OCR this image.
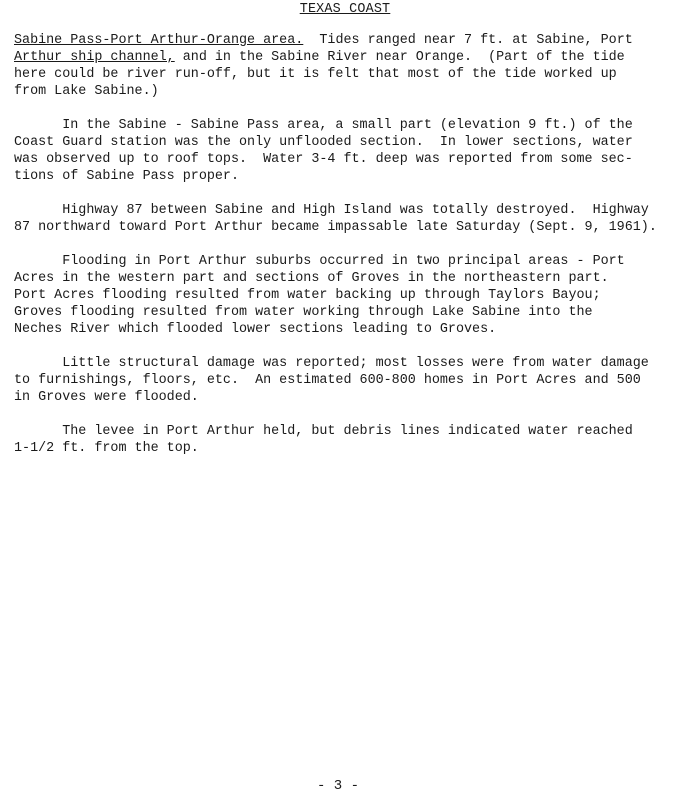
TEXAS COAST

Sabine Pass-Port Arthur-Orange area.  Tides ranged near 7 ft. at Sabine, Port
Arthur ship channel, and in the Sabine River near Orange.  (Part of the tide
here could be river run-off, but it is felt that most of the tide worked up
from Lake Sabine.)

In the Sabine - Sabine Pass area, a small part (elevation 9 ft.) of the
Coast Guard station was the only unflooded section.  In lower sections, water
was observed up to roof tops.  Water 3-4 ft. deep was reported from some sec-
tions of Sabine Pass proper.

Highway 87 between Sabine and High Island was totally destroyed.  Highway
87 northward toward Port Arthur became impassable late Saturday (Sept. 9, 1961).

Flooding in Port Arthur suburbs occurred in two principal areas - Port
Acres in the western part and sections of Groves in the northeastern part.
Port Acres flooding resulted from water backing up through Taylors Bayou;
Groves flooding resulted from water working through Lake Sabine into the
Neches River which flooded lower sections leading to Groves.

Little structural damage was reported; most losses were from water damage
to furnishings, floors, etc.  An estimated 600-800 homes in Port Acres and 500
in Groves were flooded.

The levee in Port Arthur held, but debris lines indicated water reached
1-1/2 ft. from the top.

- 3 -
